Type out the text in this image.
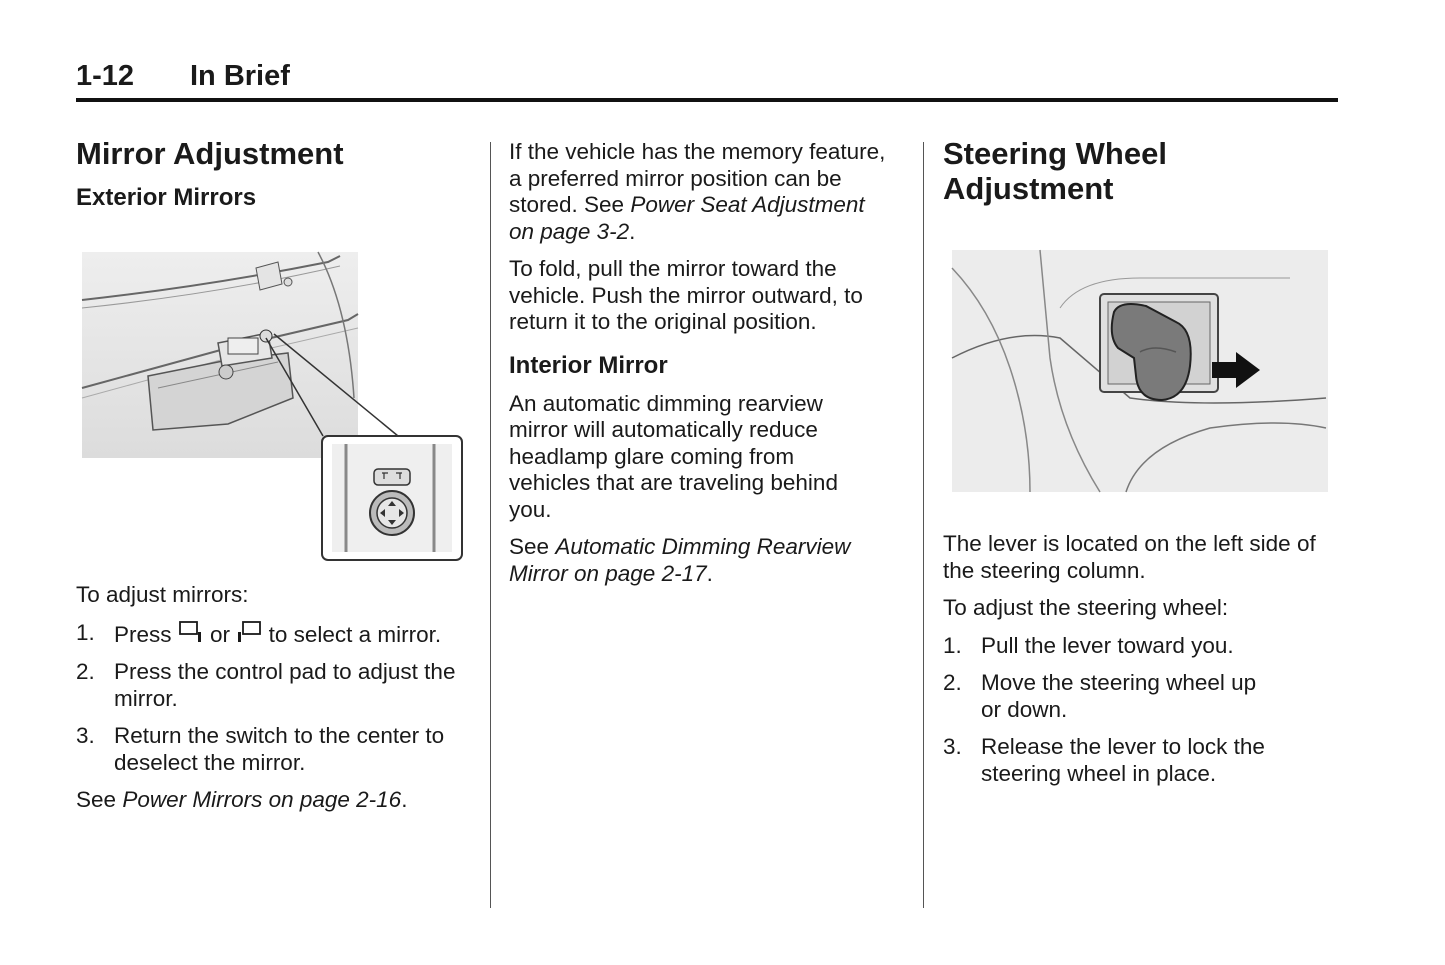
1-12 In Brief
Mirror Adjustment
Exterior Mirrors

To adjust mirrors:

1. Press or to select a mirror.
2. Press the control pad to adjust the mirror.
3. Return the switch to the center to deselect the mirror.

See Power Mirrors on page 2-16.

If the vehicle has the memory feature, a preferred mirror position can be stored. See Power Seat Adjustment on page 3-2.

To fold, pull the mirror toward the vehicle. Push the mirror outward, to return it to the original position.

Interior Mirror

An automatic dimming rearview mirror will automatically reduce headlamp glare coming from vehicles that are traveling behind you.

See Automatic Dimming Rearview Mirror on page 2-17.

Steering Wheel
Adjustment

The lever is located on the left side of the steering column.

To adjust the steering wheel:

1. Pull the lever toward you.
2. Move the steering wheel up or down.
3. Release the lever to lock the steering wheel in place.
